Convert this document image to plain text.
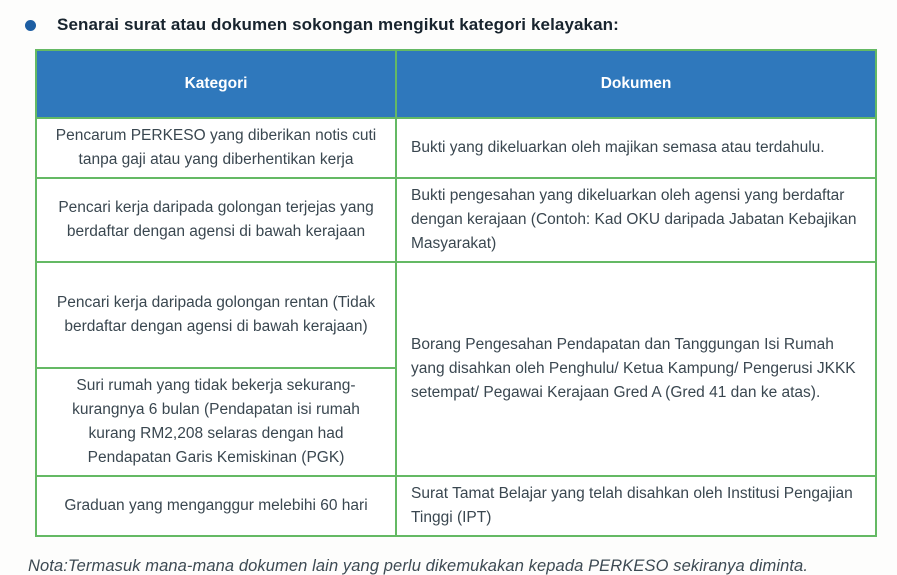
Senarai surat atau dokumen sokongan mengikut kategori kelayakan:
Kategori	Dokumen
Pencarum PERKESO yang diberikan notis cuti tanpa gaji atau yang diberhentikan kerja	Bukti yang dikeluarkan oleh majikan semasa atau terdahulu.
Pencari kerja daripada golongan terjejas yang berdaftar dengan agensi di bawah kerajaan	Bukti pengesahan yang dikeluarkan oleh agensi yang berdaftar dengan kerajaan (Contoh: Kad OKU daripada Jabatan Kebajikan Masyarakat)
Pencari kerja daripada golongan rentan (Tidak berdaftar dengan agensi di bawah kerajaan)	Borang Pengesahan Pendapatan dan Tanggungan Isi Rumah yang disahkan oleh Penghulu/ Ketua Kampung/ Pengerusi JKKK setempat/ Pegawai Kerajaan Gred A (Gred 41 dan ke atas).
Suri rumah yang tidak bekerja sekurang-kurangnya 6 bulan (Pendapatan isi rumah kurang RM2,208 selaras dengan had Pendapatan Garis Kemiskinan (PGK)	
Graduan yang menganggur melebihi 60 hari	Surat Tamat Belajar yang telah disahkan oleh Institusi Pengajian Tinggi (IPT)
Nota:Termasuk mana-mana dokumen lain yang perlu dikemukakan kepada PERKESO sekiranya diminta.
